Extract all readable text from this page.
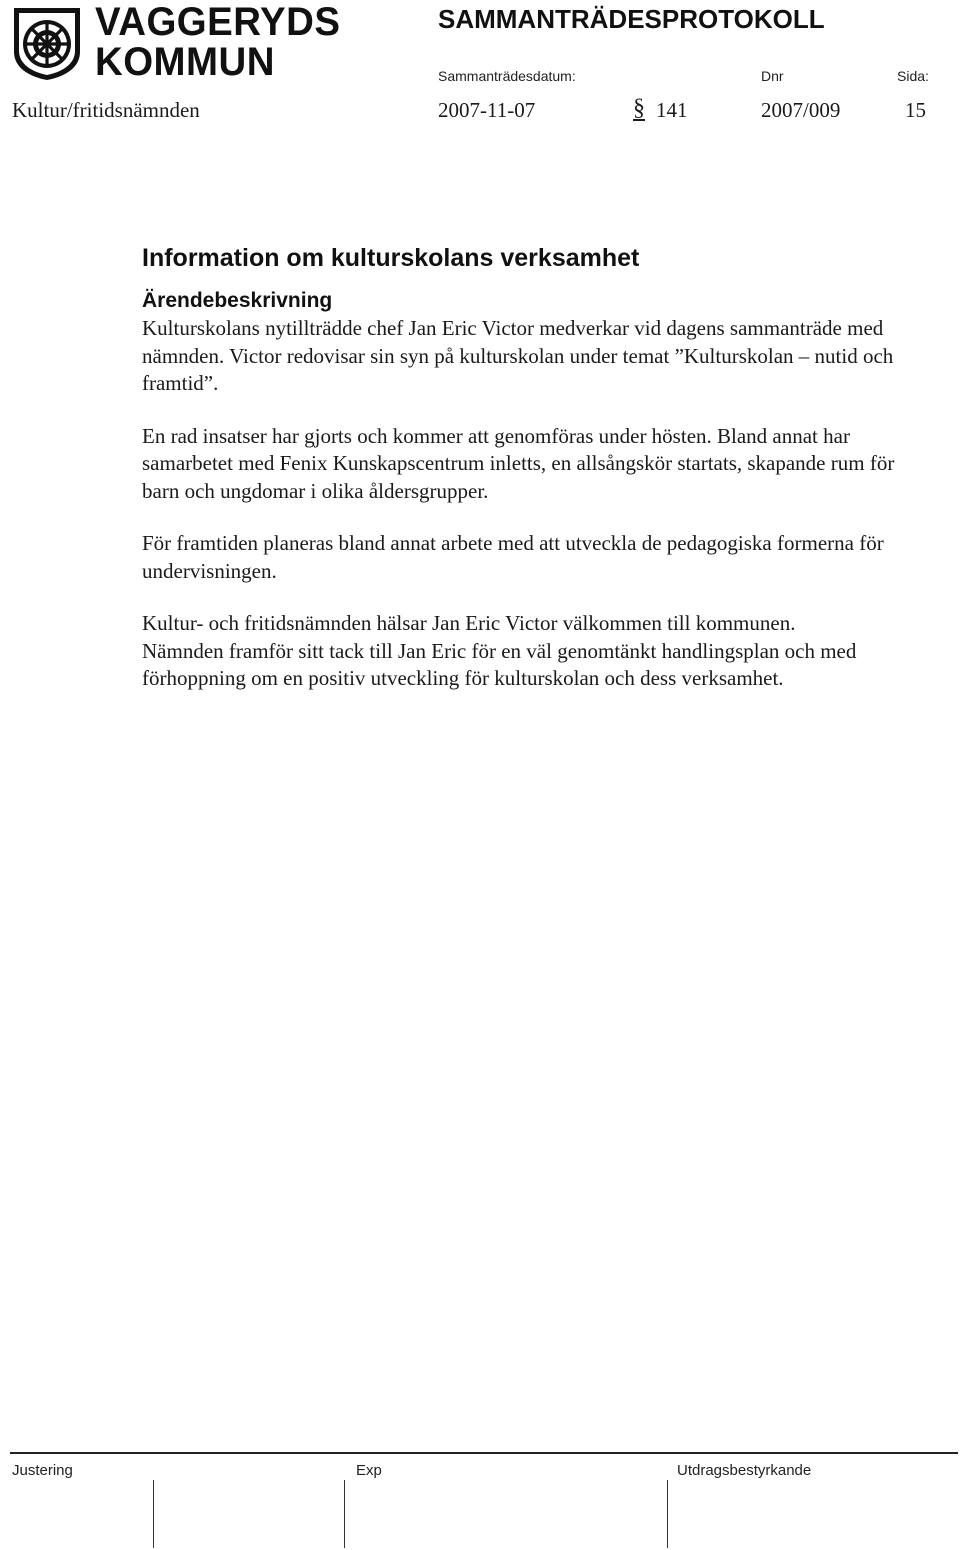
VAGGERYDS
KOMMUN
SAMMANTRÄDESPROTOKOLL
Sammanträdesdatum:	Dnr	Sida:
Kultur/fritidsnämnden	2007-11-07	§ 141	2007/009	15
Information om kulturskolans verksamhet
Ärendebeskrivning

Kulturskolans nytillträdde chef Jan Eric Victor medverkar vid dagens sammanträde med nämnden. Victor redovisar sin syn på kulturskolan under temat ”Kulturskolan – nutid och framtid”.

En rad insatser har gjorts och kommer att genomföras under hösten. Bland annat har samarbetet med Fenix Kunskapscentrum inletts, en allsångskör startats, skapande rum för barn och ungdomar i olika åldersgrupper.

För framtiden planeras bland annat arbete med att utveckla de pedagogiska formerna för undervisningen.

Kultur- och fritidsnämnden hälsar Jan Eric Victor välkommen till kommunen.

Nämnden framför sitt tack till Jan Eric för en väl genomtänkt handlingsplan och med förhoppning om en positiv utveckling för kulturskolan och dess verksamhet.

Justering	Exp	Utdragsbestyrkande
